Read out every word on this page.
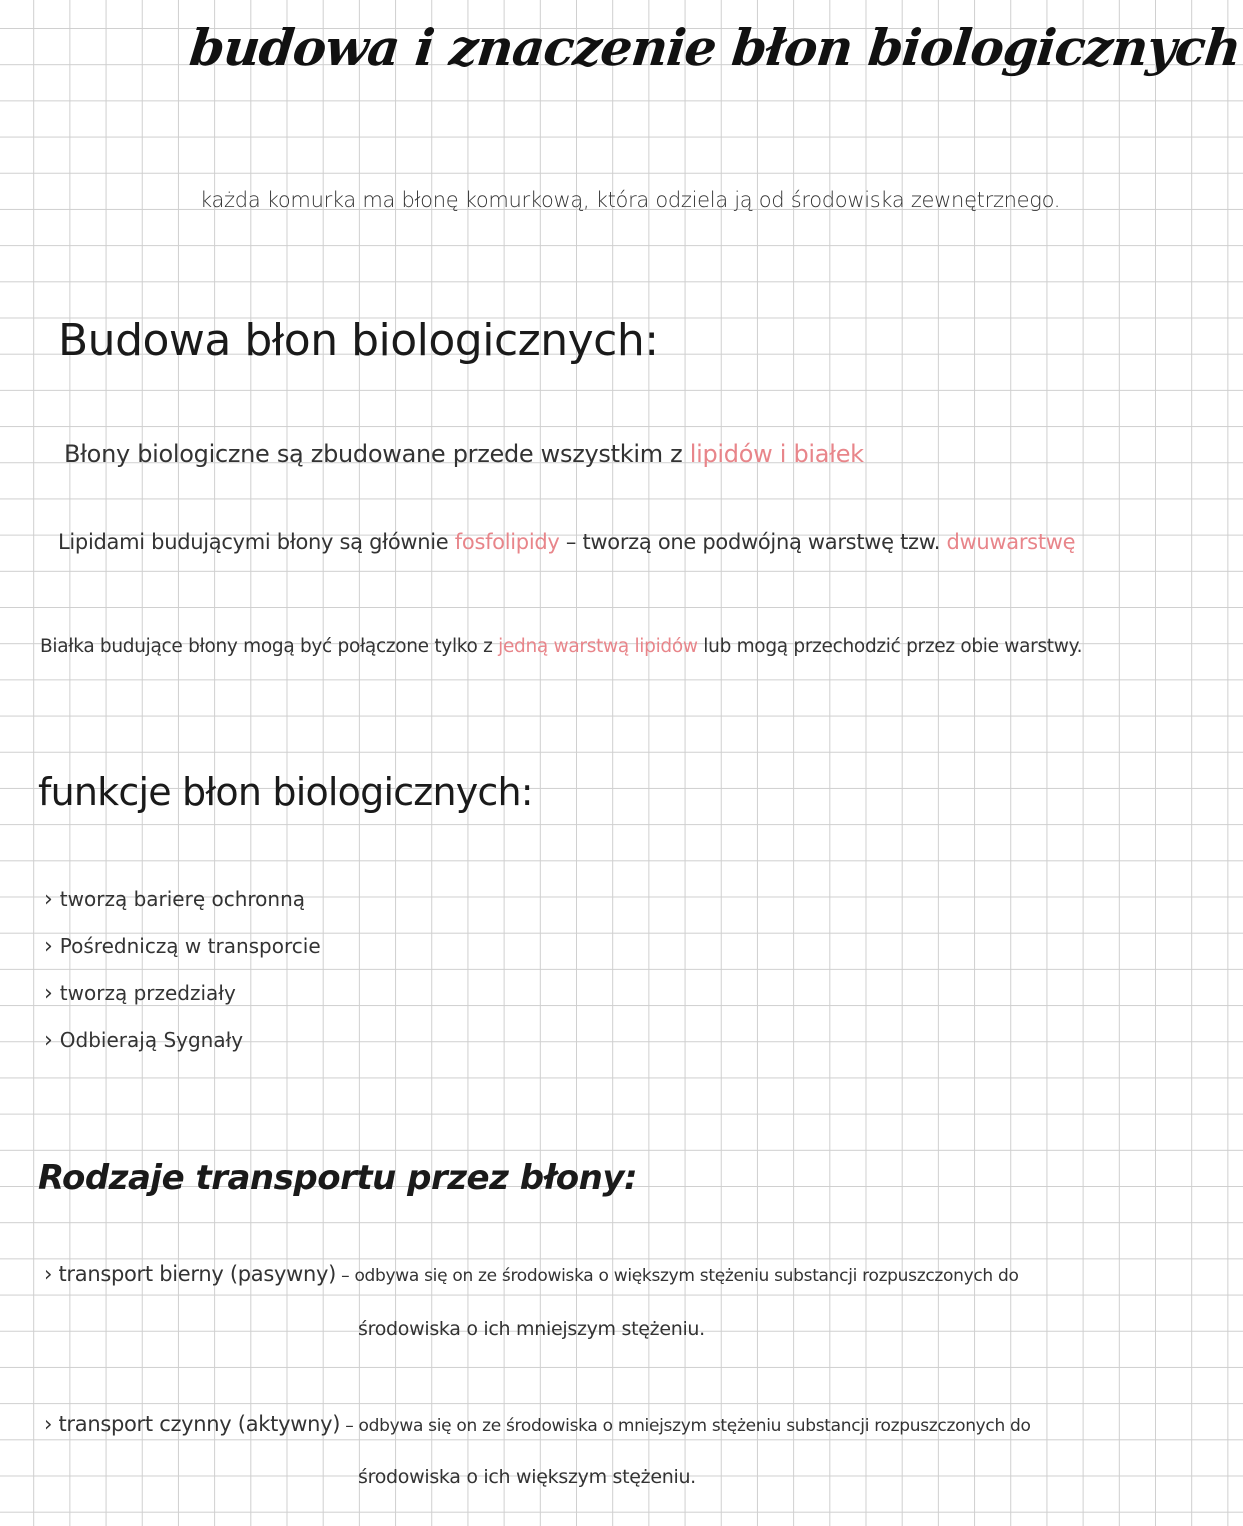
budowa i znaczenie błon biologicznych
każda komurka ma błonę komurkową, która odziela ją od środowiska zewnętrznego.
Budowa błon biologicznych:
Błony biologiczne są zbudowane przede wszystkim z lipidów i białek
Lipidami budującymi błony są głównie fosfolipidy – tworzą one podwójną warstwę tzw. dwuwarstwę
Białka budujące błony mogą być połączone tylko z jedną warstwą lipidów lub mogą przechodzić przez obie warstwy.
funkcje błon biologicznych:
› tworzą barierę ochronną
› Pośredniczą w transporcie
› tworzą przedziały
› Odbierają Sygnały
Rodzaje transportu przez błony:
› transport bierny (pasywny) – odbywa się on ze środowiska o większym stężeniu substancji rozpuszczonych do
środowiska o ich mniejszym stężeniu.
› transport czynny (aktywny) – odbywa się on ze środowiska o mniejszym stężeniu substancji rozpuszczonych do
środowiska o ich większym stężeniu.
